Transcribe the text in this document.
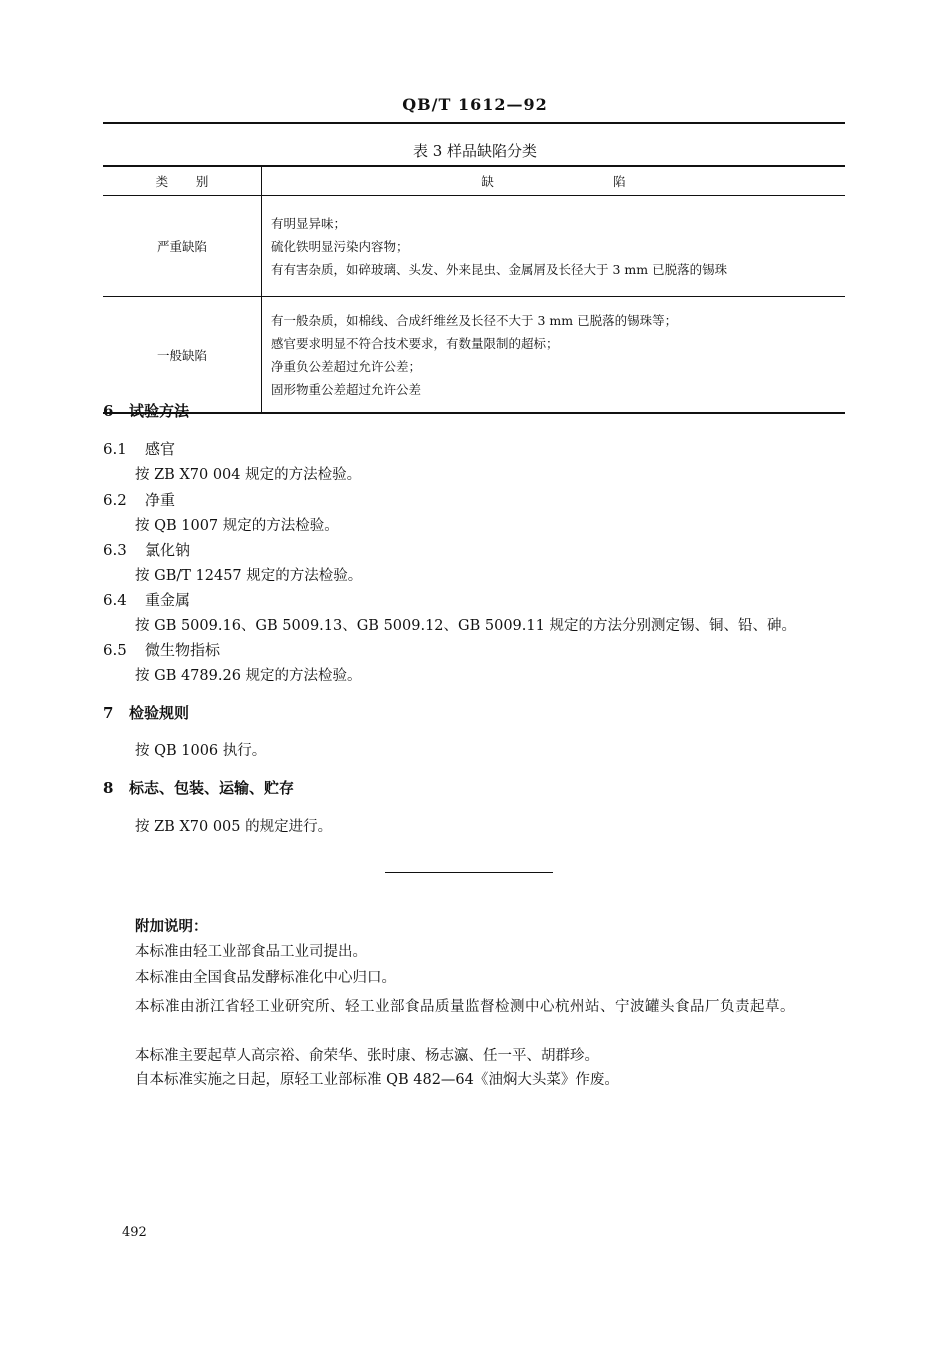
QB/T 1612—92
表 3 样品缺陷分类
类       别	缺                              陷
严重缺陷	有明显异味；
硫化铁明显污染内容物；
有有害杂质，如碎玻璃、头发、外来昆虫、金属屑及长径大于 3 mm 已脱落的锡珠

一般缺陷	有一般杂质，如棉线、合成纤维丝及长径不大于 3 mm 已脱落的锡珠等；
感官要求明显不符合技术要求，有数量限制的超标；
净重负公差超过允许公差；
固形物重公差超过允许公差
6 试验方法
6.1 感官
按 ZB X70 004 规定的方法检验。
6.2 净重
按 QB 1007 规定的方法检验。
6.3 氯化钠
按 GB/T 12457 规定的方法检验。
6.4 重金属
按 GB 5009.16、GB 5009.13、GB 5009.12、GB 5009.11 规定的方法分别测定锡、铜、铅、砷。
6.5 微生物指标
按 GB 4789.26 规定的方法检验。
7 检验规则
按 QB 1006 执行。
8 标志、包装、运输、贮存
按 ZB X70 005 的规定进行。
附加说明：
本标准由轻工业部食品工业司提出。
本标准由全国食品发酵标准化中心归口。
本标准由浙江省轻工业研究所、轻工业部食品质量监督检测中心杭州站、宁波罐头食品厂负责起草。
本标准主要起草人高宗裕、俞荣华、张时康、杨志瀛、任一平、胡群珍。
自本标准实施之日起，原轻工业部标准 QB 482—64《油焖大头菜》作废。
492
